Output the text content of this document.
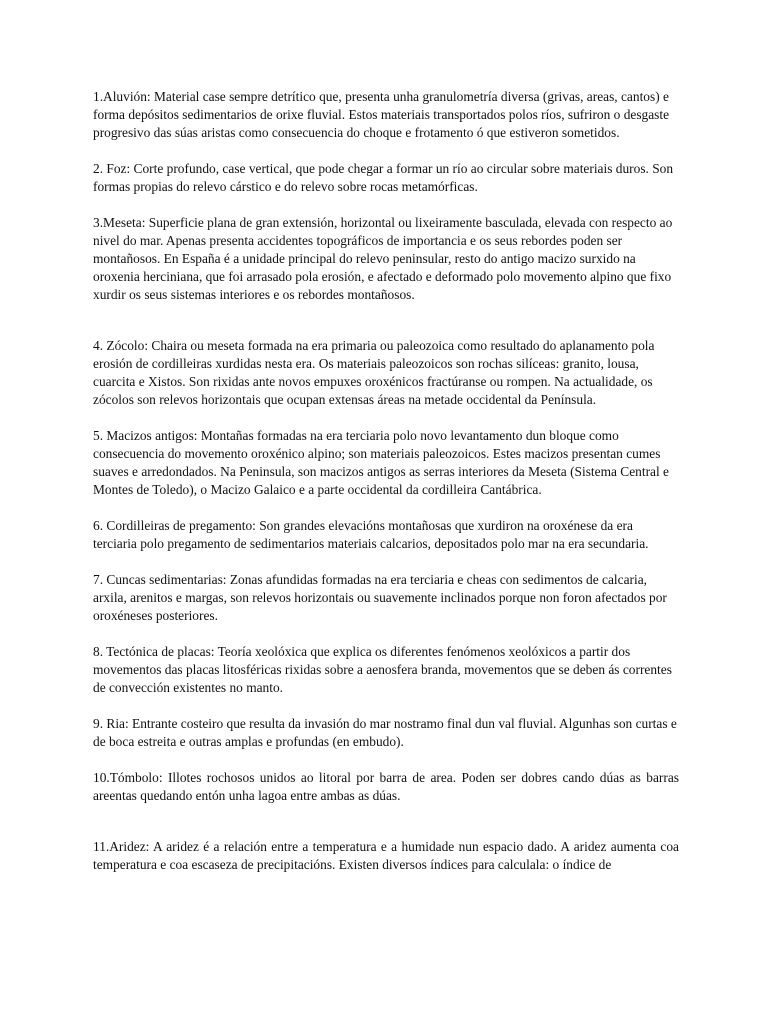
1.Aluvión: Material case sempre detrítico que, presenta unha granulometría diversa (grivas, areas, cantos) e forma depósitos sedimentarios de orixe fluvial. Estos materiais transportados polos ríos, sufriron o desgaste progresivo das súas aristas como consecuencia do choque e frotamento ó que estiveron sometidos.

2. Foz: Corte profundo, case vertical, que pode chegar a formar un río ao circular sobre materiais duros. Son formas propias do relevo cárstico e do relevo sobre rocas metamórficas.

3.Meseta: Superficie plana de gran extensión, horizontal ou lixeiramente basculada, elevada con respecto ao nivel do mar. Apenas presenta accidentes topográficos de importancia e os seus rebordes poden ser montañosos. En España é a unidade principal do relevo peninsular, resto do antigo macizo surxido na oroxenia herciniana, que foi arrasado pola erosión, e afectado e deformado polo movemento alpino que fixo xurdir os seus sistemas interiores e os rebordes montañosos.

4. Zócolo: Chaira ou meseta formada na era primaria ou paleozoica como resultado do aplanamento pola erosión de cordilleiras xurdidas nesta era. Os materiais paleozoicos son rochas silíceas: granito, lousa, cuarcita e Xistos. Son rixidas ante novos empuxes oroxénicos fractúranse ou rompen. Na actualidade, os zócolos son relevos horizontais que ocupan extensas áreas na metade occidental da Península.

5. Macizos antigos: Montañas formadas na era terciaria polo novo levantamento dun bloque como consecuencia do movemento oroxénico alpino; son materiais paleozoicos. Estes macizos presentan cumes suaves e arredondados. Na Peninsula, son macizos antigos as serras interiores da Meseta (Sistema Central e Montes de Toledo), o Macizo Galaico e a parte occidental da cordilleira Cantábrica.

6. Cordilleiras de pregamento: Son grandes elevacións montañosas que xurdiron na oroxénese da era terciaria polo pregamento de sedimentarios materiais calcarios, depositados polo mar na era secundaria.

7. Cuncas sedimentarias: Zonas afundidas formadas na era terciaria e cheas con sedimentos de calcaria, arxila, arenitos e margas, son relevos horizontais ou suavemente inclinados porque non foron afectados por oroxéneses posteriores.

8. Tectónica de placas: Teoría xeolóxica que explica os diferentes fenómenos xeolóxicos a partir dos movementos das placas litosféricas rixidas sobre a aenosfera branda, movementos que se deben ás correntes de convección existentes no manto.

9. Ria: Entrante costeiro que resulta da invasión do mar nostramo final dun val fluvial. Algunhas son curtas e de boca estreita e outras amplas e profundas (en embudo).

10.Tómbolo: Illotes rochosos unidos ao litoral por barra de area. Poden ser dobres cando dúas as barras areentas quedando entón unha lagoa entre ambas as dúas.

11.Aridez: A aridez é a relación entre a temperatura e a humidade nun espacio dado. A aridez aumenta coa temperatura e coa escaseza de precipitacións. Existen diversos índices para calculala: o índice de
